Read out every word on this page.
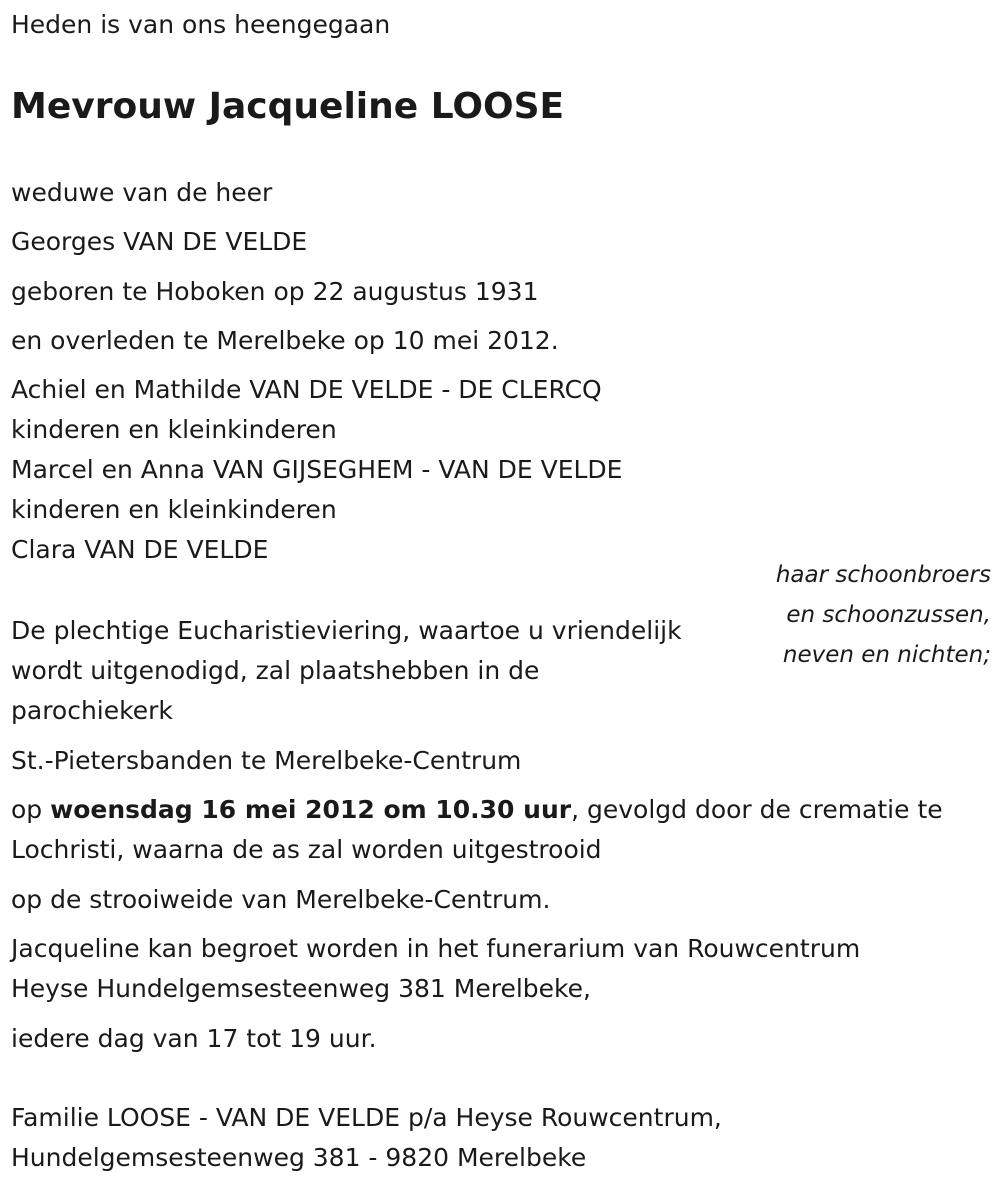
Heden is van ons heengegaan
Mevrouw Jacqueline LOOSE
weduwe van de heer
Georges VAN DE VELDE
geboren te Hoboken op 22 augustus 1931
en overleden te Merelbeke op 10 mei 2012.
Achiel en Mathilde VAN DE VELDE - DE CLERCQ
kinderen en kleinkinderen
Marcel en Anna VAN GIJSEGHEM - VAN DE VELDE
kinderen en kleinkinderen
Clara VAN DE VELDE
haar schoonbroers
en schoonzussen,
neven en nichten;
De plechtige Eucharistieviering, waartoe u vriendelijk
wordt uitgenodigd, zal plaatshebben in de
parochiekerk
St.-Pietersbanden te Merelbeke-Centrum
op woensdag 16 mei 2012 om 10.30 uur, gevolgd door de crematie te
Lochristi, waarna de as zal worden uitgestrooid
op de strooiweide van Merelbeke-Centrum.
Jacqueline kan begroet worden in het funerarium van Rouwcentrum
Heyse Hundelgemsesteenweg 381 Merelbeke,
iedere dag van 17 tot 19 uur.
Familie LOOSE - VAN DE VELDE p/a Heyse Rouwcentrum,
Hundelgemsesteenweg 381 - 9820 Merelbeke
